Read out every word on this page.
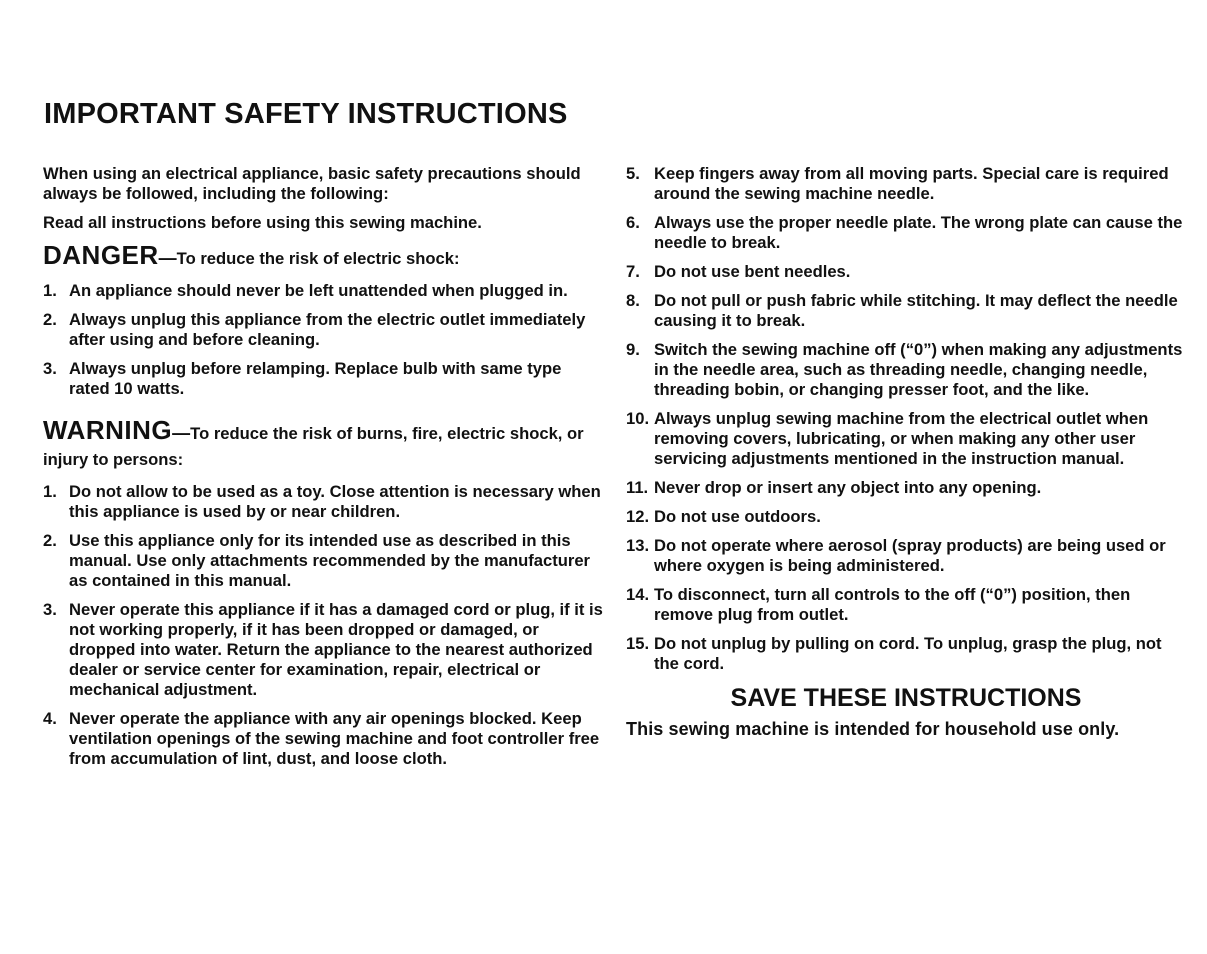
IMPORTANT SAFETY INSTRUCTIONS

When using an electrical appliance, basic safety precautions should always be followed, including the following:

Read all instructions before using this sewing machine.

DANGER—To reduce the risk of electric shock:
1. An appliance should never be left unattended when plugged in.
2. Always unplug this appliance from the electric outlet immediately after using and before cleaning.
3. Always unplug before relamping. Replace bulb with same type rated 10 watts.
WARNING—To reduce the risk of burns, fire, electric shock, or injury to persons:
1. Do not allow to be used as a toy. Close attention is necessary when this appliance is used by or near children.
2. Use this appliance only for its intended use as described in this manual. Use only attachments recommended by the manufacturer as contained in this manual.
3. Never operate this appliance if it has a damaged cord or plug, if it is not working properly, if it has been dropped or damaged, or dropped into water. Return the appliance to the nearest authorized dealer or service center for examination, repair, electrical or mechanical adjustment.
4. Never operate the appliance with any air openings blocked. Keep ventilation openings of the sewing machine and foot controller free from accumulation of lint, dust, and loose cloth.
5. Keep fingers away from all moving parts. Special care is required around the sewing machine needle.
6. Always use the proper needle plate. The wrong plate can cause the needle to break.
7. Do not use bent needles.
8. Do not pull or push fabric while stitching. It may deflect the needle causing it to break.
9. Switch the sewing machine off (“0”) when making any adjustments in the needle area, such as threading needle, changing needle, threading bobin, or changing presser foot, and the like.
10. Always unplug sewing machine from the electrical outlet when removing covers, lubricating, or when making any other user servicing adjustments mentioned in the instruction manual.
11. Never drop or insert any object into any opening.
12. Do not use outdoors.
13. Do not operate where aerosol (spray products) are being used or where oxygen is being administered.
14. To disconnect, turn all controls to the off (“0”) position, then remove plug from outlet.
15. Do not unplug by pulling on cord. To unplug, grasp the plug, not the cord.
SAVE THESE INSTRUCTIONS

This sewing machine is intended for household use only.
